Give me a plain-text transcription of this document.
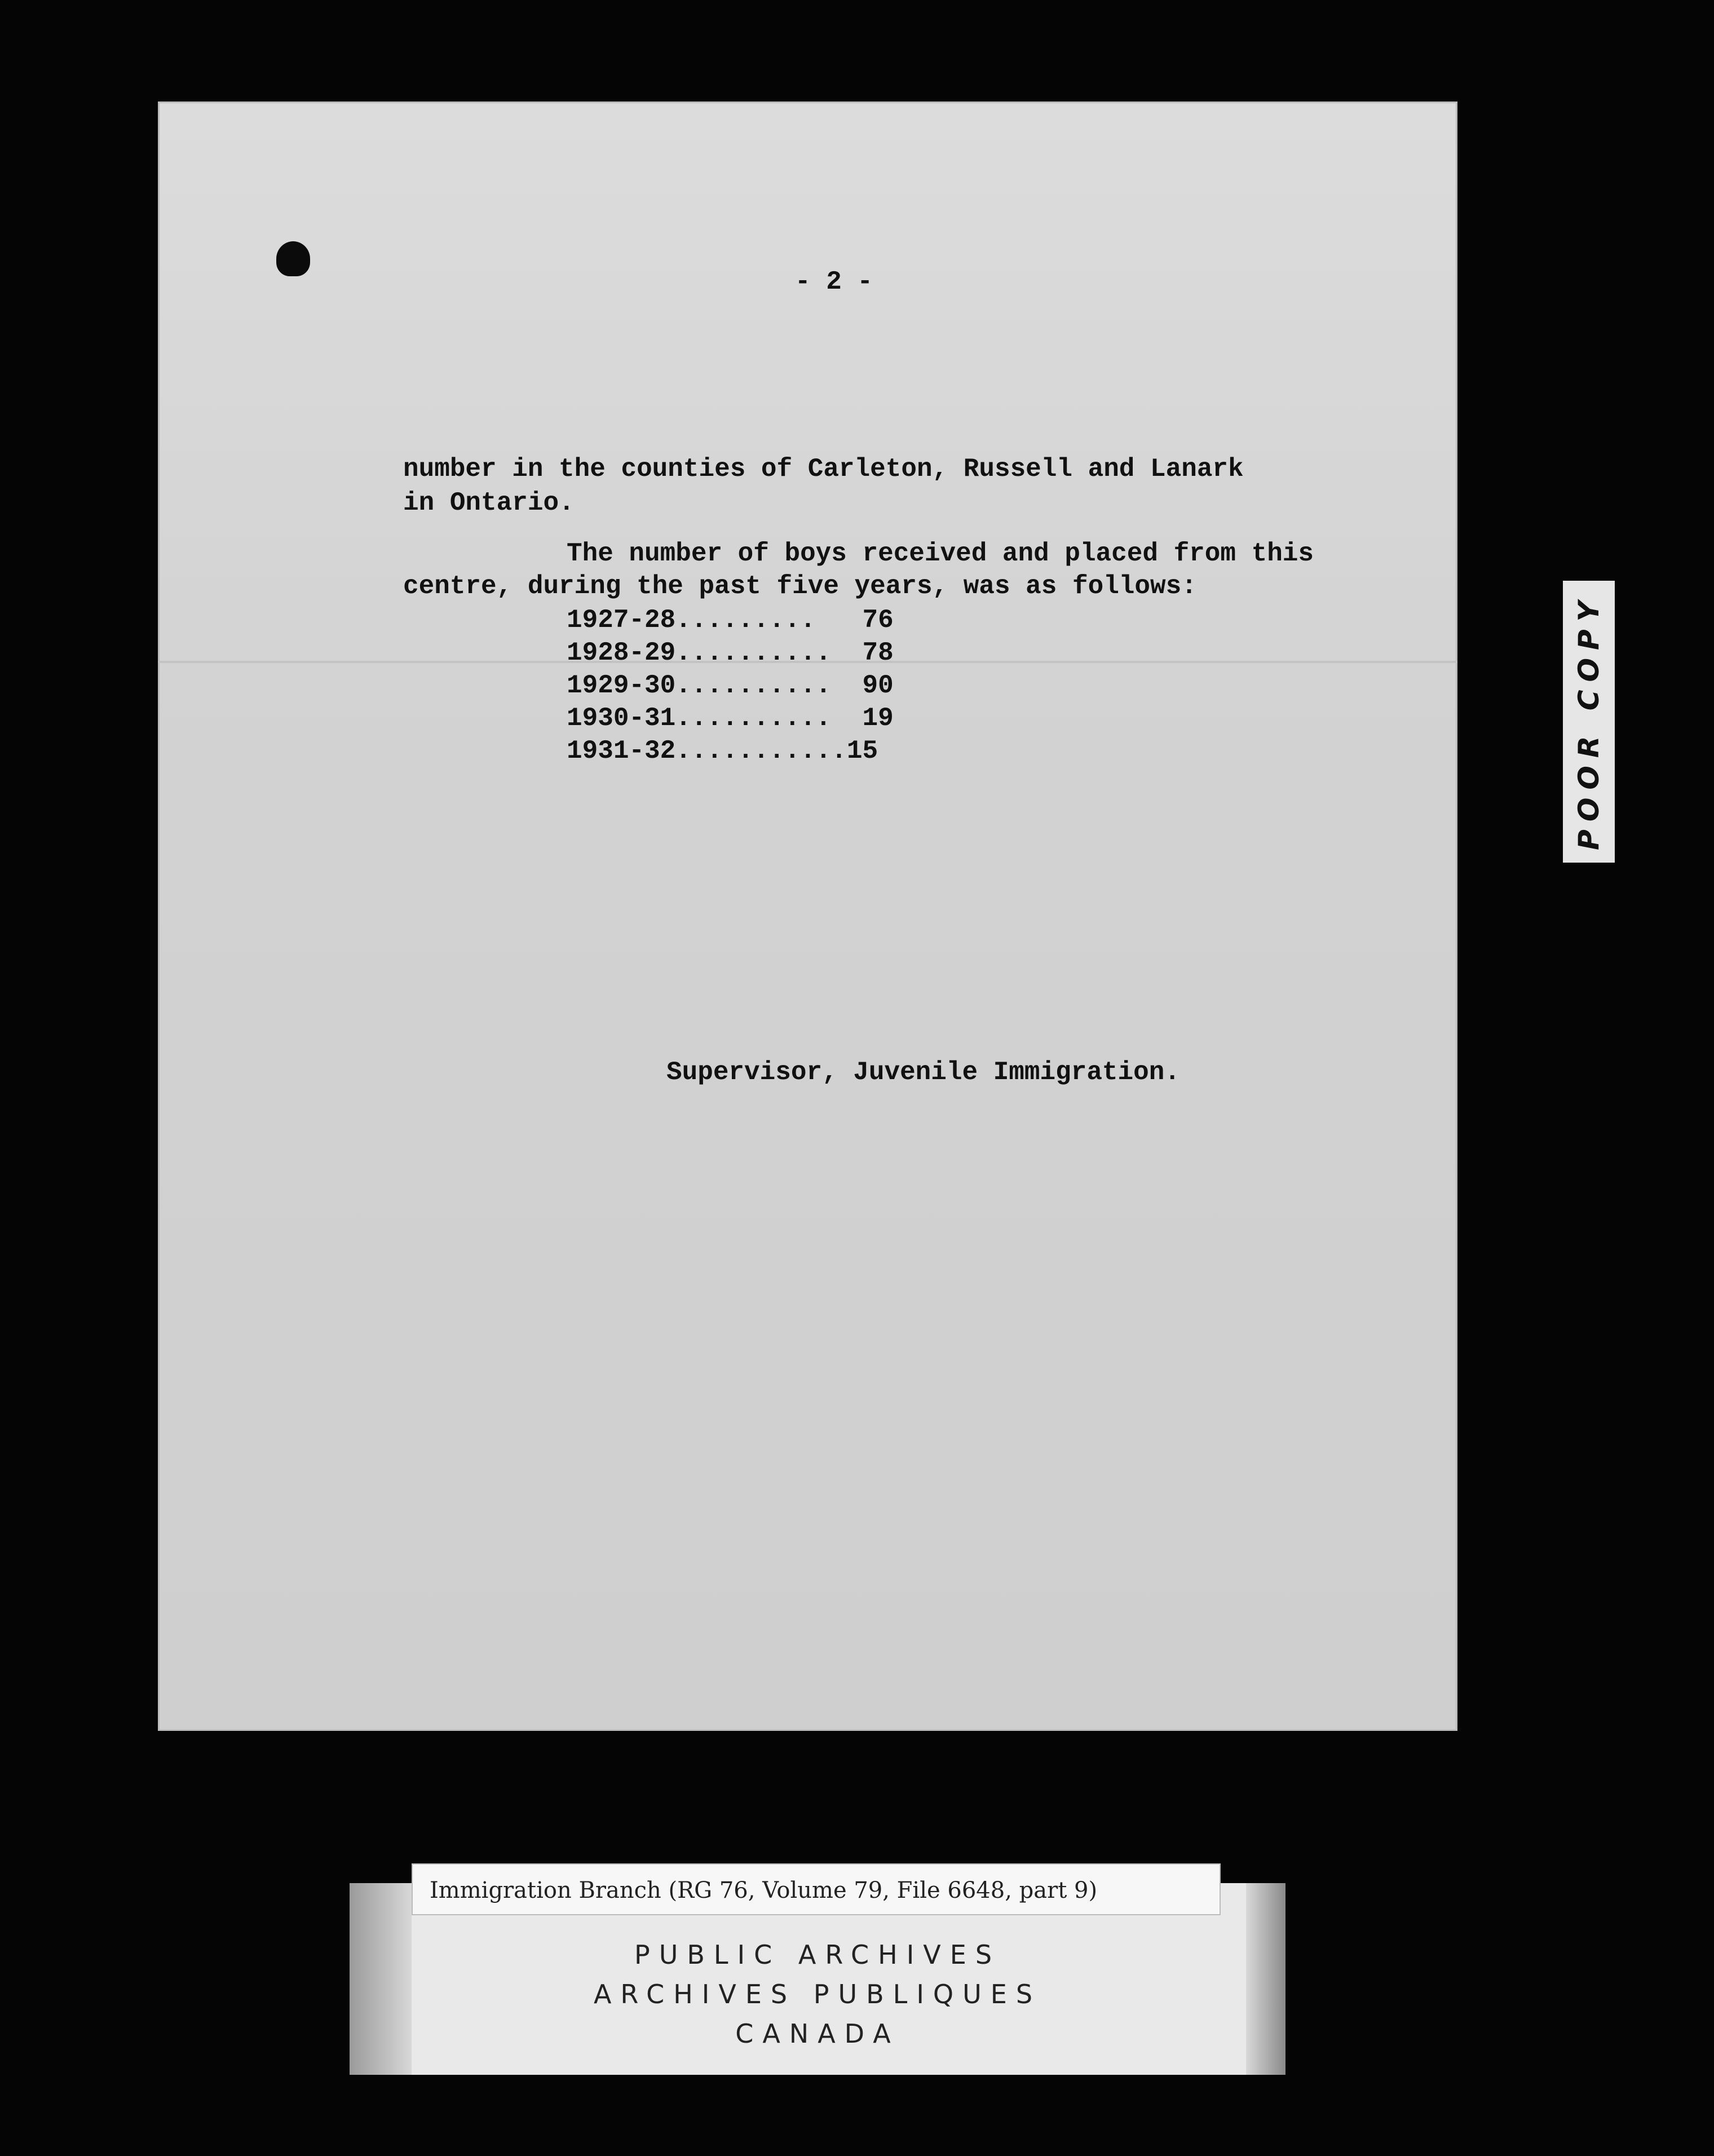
- 2 -
number in the counties of Carleton, Russell and Lanark
in Ontario.
The number of boys received and placed from this
centre, during the past five years, was as follows:
1927-28.........   76
1928-29..........  78
1929-30..........  90
1930-31..........  19
1931-32...........15
Supervisor, Juvenile Immigration.
POOR COPY
Immigration Branch (RG 76, Volume 79, File 6648, part 9)
PUBLIC ARCHIVES
ARCHIVES PUBLIQUES
CANADA
